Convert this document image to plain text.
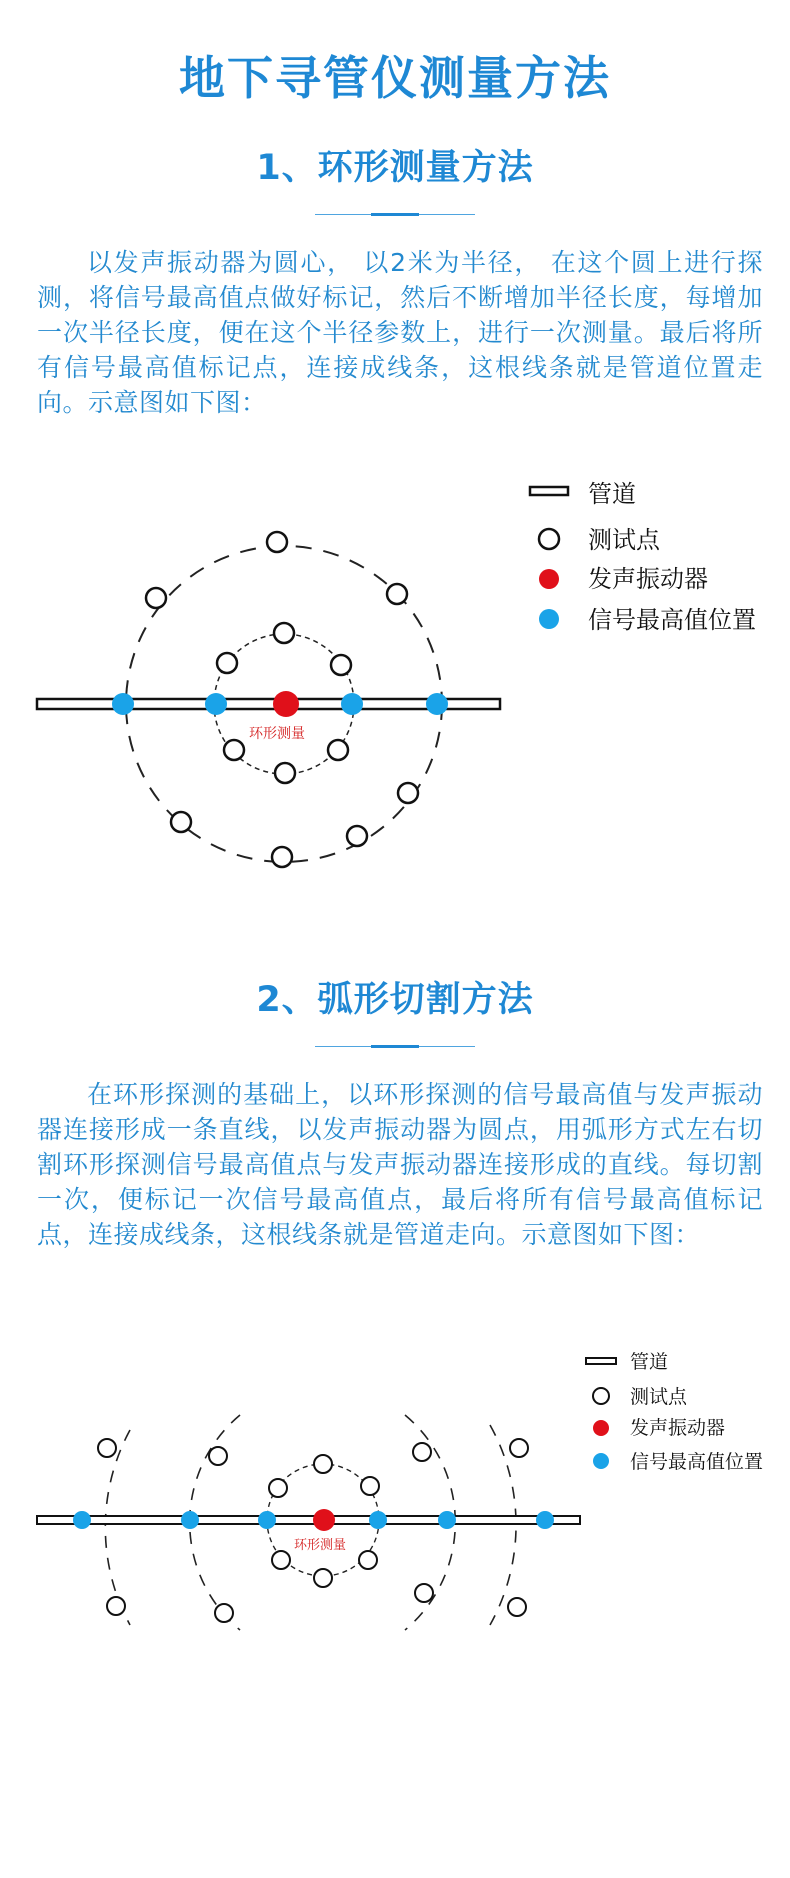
地下寻管仪测量方法
1、环形测量方法

以发声振动器为圆心， 以2米为半径， 在这个圆上进行探测，将信号最高值点做好标记，然后不断增加半径长度，每增加一次半径长度，便在这个半径参数上，进行一次测量。最后将所有信号最高值标记点，连接成线条，这根线条就是管道位置走向。示意图如下图：

管道
测试点
发声振动器
信号最高值位置
环形测量
2、弧形切割方法

在环形探测的基础上，以环形探测的信号最高值与发声振动器连接形成一条直线，以发声振动器为圆点，用弧形方式左右切割环形探测信号最高值点与发声振动器连接形成的直线。每切割一次，便标记一次信号最高值点，最后将所有信号最高值标记点，连接成线条，这根线条就是管道走向。示意图如下图：

管道
测试点
发声振动器
信号最高值位置
环形测量
